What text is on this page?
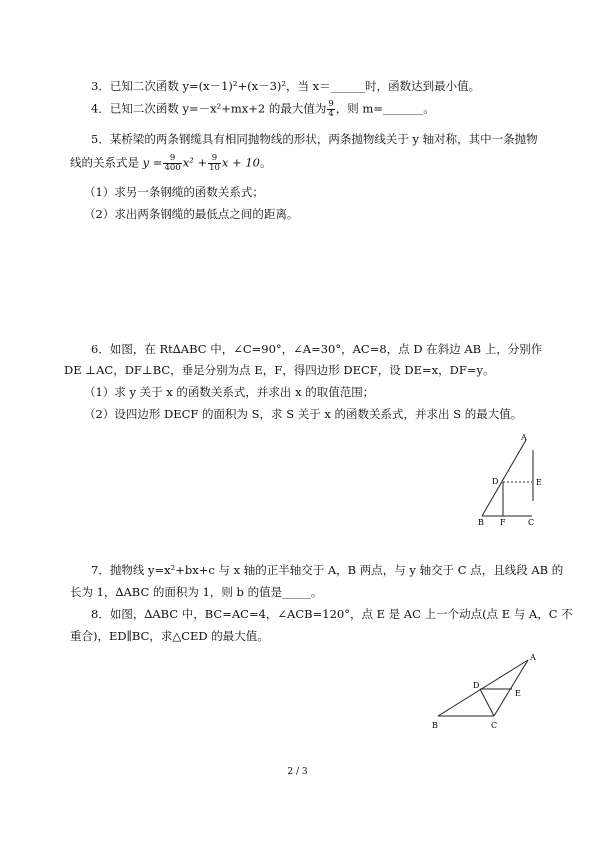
3．已知二次函数 y=(x－1)²+(x－3)²，当 x＝______时，函数达到最小值。
4．已知二次函数 y=－x²+mx+2 的最大值为 $\frac{9}{4}$ ，则 m=_______。
5．某桥梁的两条钢缆具有相同抛物线的形状，两条抛物线关于 y 轴对称，其中一条抛物
线的关系式是 $y = \frac{9}{400} x^2 + \frac{9}{10}$ x + 10。
（1）求另一条钢缆的函数关系式；
（2）求出两条钢缆的最低点之间的距离。
6．如图，在 Rt∆ABC 中，∠C=90°，∠A=30°，AC=8，点 D 在斜边 AB 上，分别作
DE ⊥AC，DF⊥BC，垂足分别为点 E，F，得四边形 DECF，设 DE=x，DF=y。
（1）求 y 关于 x 的函数关系式，并求出 x 的取值范围；
（2）设四边形 DECF 的面积为 S，求 S 关于 x 的函数关系式，并求出 S 的最大值。
A
D	E
B F	C
7．抛物线 y=x²+bx+c 与 x 轴的正半轴交于 A，B 两点，与 y 轴交于 C 点，且线段 AB 的
长为 1，∆ABC 的面积为 1，则 b 的值是_____。
8．如图，∆ABC 中，BC=AC=4，∠ACB=120°，点 E 是 AC 上一个动点(点 E 与 A，C 不
重合)，ED∥BC，求△CED 的最大值。
A
D
E
B	C
2 / 3
